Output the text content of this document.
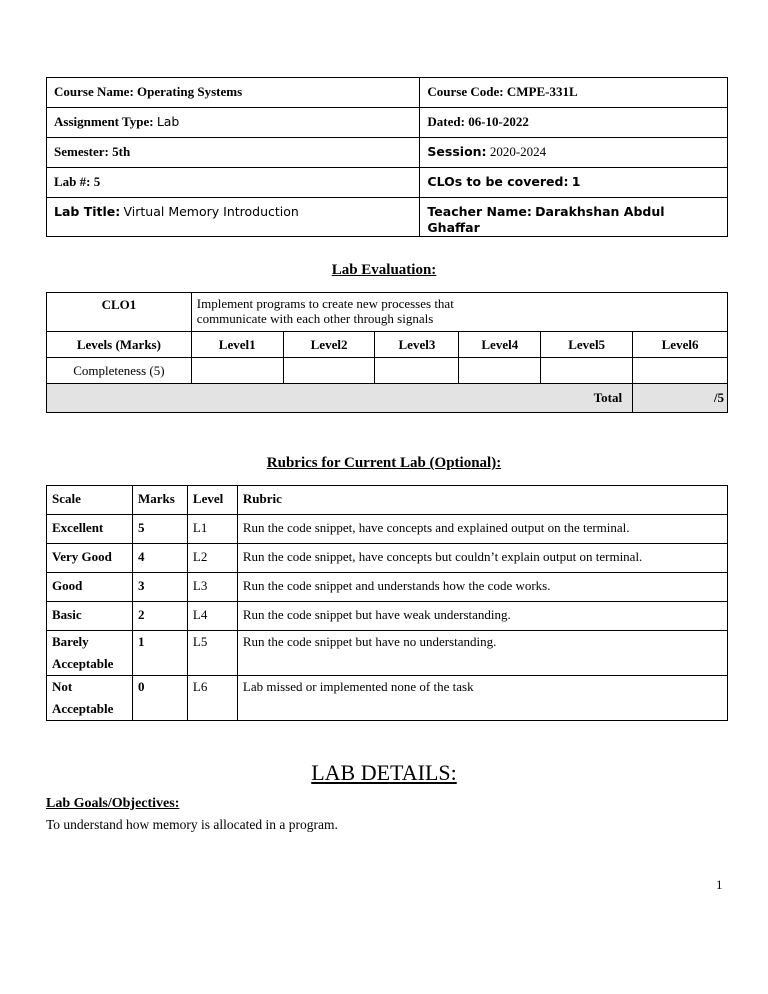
Course Name: Operating Systems	Course Code: CMPE-331L
Assignment Type: Lab	Dated: 06-10-2022
Semester: 5th	Session: 2020-2024
Lab #: 5	CLOs to be covered: 1
Lab Title: Virtual Memory Introduction	Teacher Name: Darakhshan Abdul Ghaffar
Lab Evaluation:
CLO1	Implement programs to create new processes that
communicate with each other through signals					

Levels (Marks)	Level1	Level2	Level3	Level4	Level5	Level6
Completeness (5)						
Total						/5
Rubrics for Current Lab (Optional):
Scale	Marks	Level	Rubric
Excellent	5	L1	Run the code snippet, have concepts and explained output on the terminal.
Very Good	4	L2	Run the code snippet, have concepts but couldn’t explain output on terminal.
Good	3	L3	Run the code snippet and understands how the code works.
Basic	2	L4	Run the code snippet but have weak understanding.
Barely Acceptable	1	L5	Run the code snippet but have no understanding.
Not Acceptable	0	L6	Lab missed or implemented none of the task
LAB DETAILS:
Lab Goals/Objectives:
To understand how memory is allocated in a program.
1
